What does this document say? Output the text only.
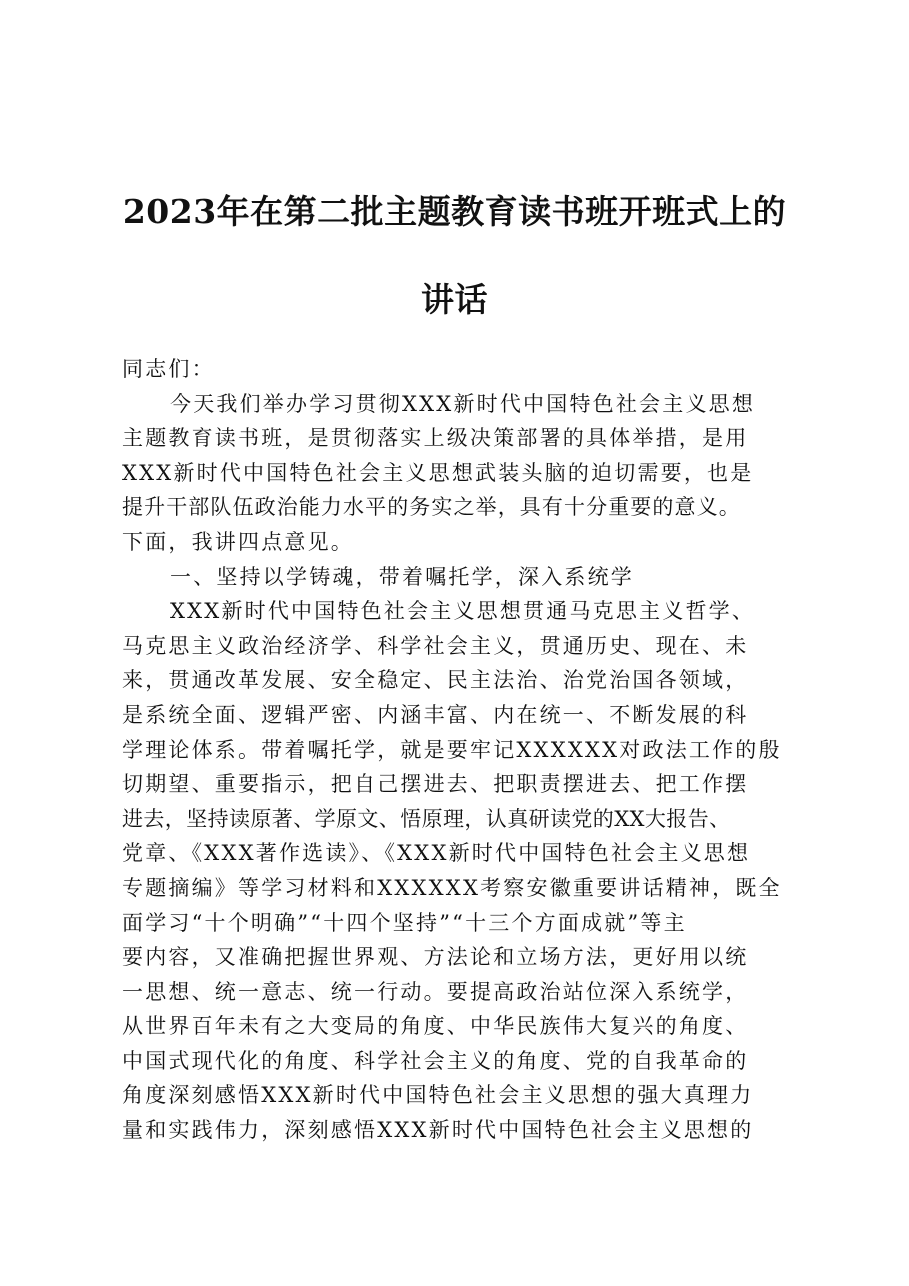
2023年在第二批主题教育读书班开班式上的
讲话
同志们：
今天我们举办学习贯彻XXX新时代中国特色社会主义思想
主题教育读书班，是贯彻落实上级决策部署的具体举措，是用
XXX新时代中国特色社会主义思想武装头脑的迫切需要，也是
提升干部队伍政治能力水平的务实之举，具有十分重要的意义。
下面，我讲四点意见。
一、坚持以学铸魂，带着嘱托学，深入系统学
XXX新时代中国特色社会主义思想贯通马克思主义哲学、
马克思主义政治经济学、科学社会主义，贯通历史、现在、未
来，贯通改革发展、安全稳定、民主法治、治党治国各领域，
是系统全面、逻辑严密、内涵丰富、内在统一、不断发展的科
学理论体系。带着嘱托学，就是要牢记XXXXXX对政法工作的殷
切期望、重要指示，把自己摆进去、把职责摆进去、把工作摆
进去，坚持读原著、学原文、悟原理，认真研读党的XX大报告、
党章、《XXX著作选读》、《XXX新时代中国特色社会主义思想
专题摘编》等学习材料和XXXXXX考察安徽重要讲话精神，既全
面学习“十个明确”“十四个坚持”“十三个方面成就”等主
要内容，又准确把握世界观、方法论和立场方法，更好用以统
一思想、统一意志、统一行动。要提高政治站位深入系统学，
从世界百年未有之大变局的角度、中华民族伟大复兴的角度、
中国式现代化的角度、科学社会主义的角度、党的自我革命的
角度深刻感悟XXX新时代中国特色社会主义思想的强大真理力
量和实践伟力，深刻感悟XXX新时代中国特色社会主义思想的
